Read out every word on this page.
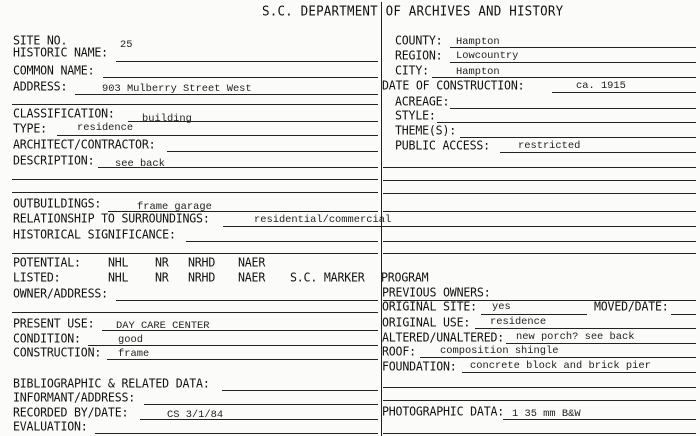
S.C. DEPARTMENT OF ARCHIVES AND HISTORY
SITE NO.	25
HISTORIC NAME:
COMMON NAME:
ADDRESS:	903 Mulberry Street West
CLASSIFICATION:	building
TYPE:	residence
ARCHITECT/CONTRACTOR:
DESCRIPTION: see back
OUTBUILDINGS:	frame garage
RELATIONSHIP TO SURROUNDINGS:	residential/commercial
HISTORICAL SIGNIFICANCE:
POTENTIAL: NHL NR NRHD NAER
LISTED:	NHL NR NRHD NAER S.C. MARKER PROGRAM
OWNER/ADDRESS:
PRESENT USE: DAY CARE CENTER
CONDITION:	good
CONSTRUCTION: frame
BIBLIOGRAPHIC & RELATED DATA:
INFORMANT/ADDRESS:
RECORDED BY/DATE:	CS 3/1/84
EVALUATION:
COUNTY: Hampton
REGION: Lowcountry
CITY:	Hampton
DATE OF CONSTRUCTION:	ca. 1915
ACREAGE:
STYLE:
THEME(S):
PUBLIC ACCESS:	restricted
PREVIOUS OWNERS:
ORIGINAL SITE: yes	MOVED/DATE:
ORIGINAL USE: residence
ALTERED/UNALTERED: new porch? see back
ROOF: composition shingle
FOUNDATION: concrete block and brick pier
PHOTOGRAPHIC DATA: 1 35 mm B&W
